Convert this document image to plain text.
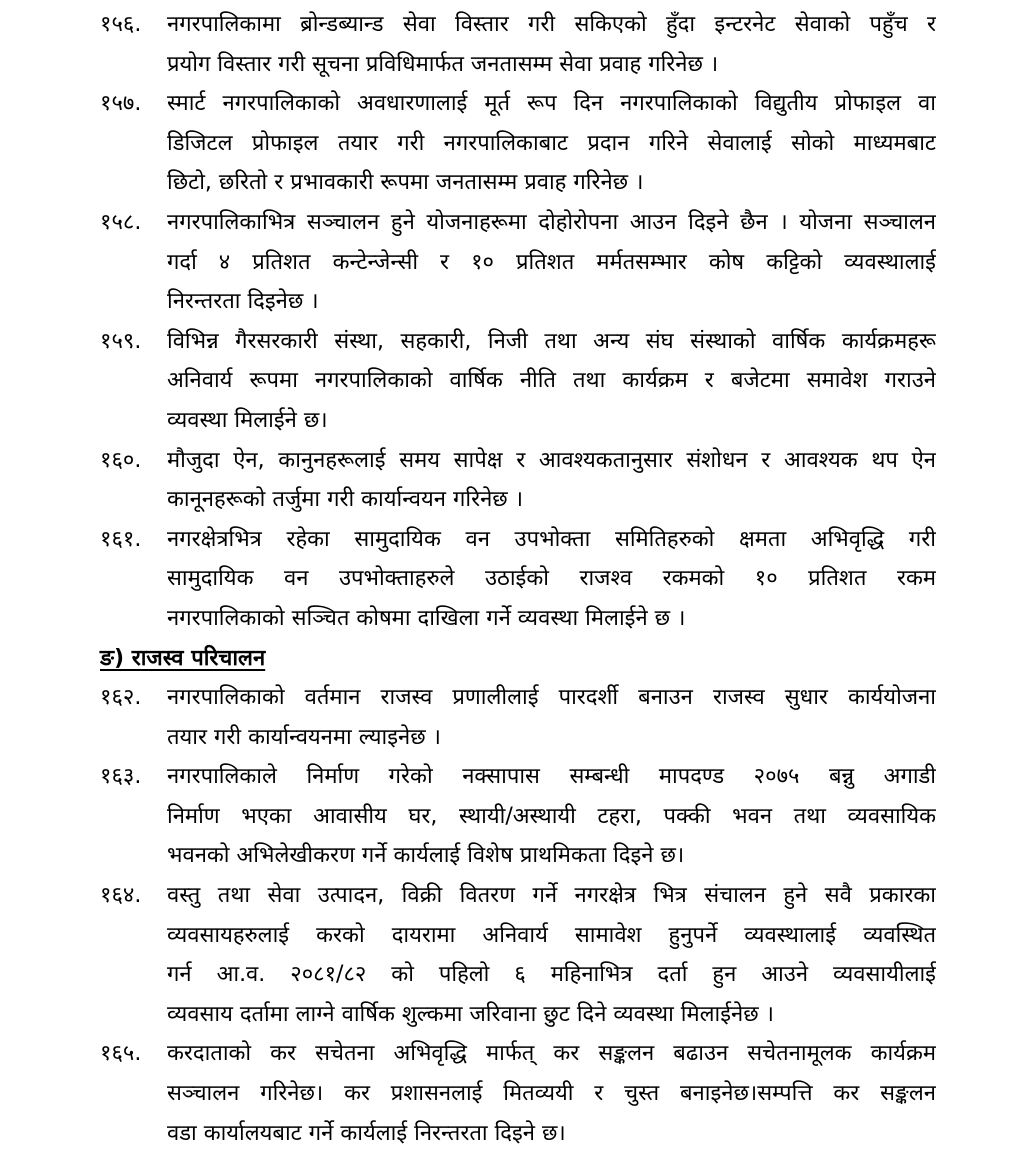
१५६. नगरपालिकामा ब्रोन्डब्यान्ड सेवा विस्तार गरी सकिएको हुँदा इन्टरनेट सेवाको पहुँच र
प्रयोग विस्तार गरी सूचना प्रविधिमार्फत जनतासम्म सेवा प्रवाह गरिनेछ ।
१५७. स्मार्ट नगरपालिकाको अवधारणालाई मूर्त रूप दिन नगरपालिकाको विद्युतीय प्रोफाइल वा
डिजिटल प्रोफाइल तयार गरी नगरपालिकाबाट प्रदान गरिने सेवालाई सोको माध्यमबाट
छिटो, छरितो र प्रभावकारी रूपमा जनतासम्म प्रवाह गरिनेछ ।
१५८. नगरपालिकाभित्र सञ्चालन हुने योजनाहरूमा दोहोरोपना आउन दिइने छैन । योजना सञ्चालन
गर्दा ४ प्रतिशत कन्टेन्जेन्सी र १० प्रतिशत मर्मतसम्भार कोष कट्टिको व्यवस्थालाई
निरन्तरता दिइनेछ ।
१५९. विभिन्न गैरसरकारी संस्था, सहकारी, निजी तथा अन्य संघ संस्थाको वार्षिक कार्यक्रमहरू
अनिवार्य रूपमा नगरपालिकाको वार्षिक नीति तथा कार्यक्रम र बजेटमा समावेश गराउने
व्यवस्था मिलाईने छ।
१६०. मौजुदा ऐन, कानुनहरूलाई समय सापेक्ष र आवश्यकतानुसार संशोधन र आवश्यक थप ऐन
कानूनहरूको तर्जुमा गरी कार्यान्वयन गरिनेछ ।
१६१. नगरक्षेत्रभित्र रहेका सामुदायिक वन उपभोक्ता समितिहरुको क्षमता अभिवृद्धि गरी
सामुदायिक वन उपभोक्ताहरुले उठाईको राजश्व रकमको १० प्रतिशत रकम
नगरपालिकाको सञ्चित कोषमा दाखिला गर्ने व्यवस्था मिलाईने छ ।
ङ) राजस्व परिचालन
१६२. नगरपालिकाको वर्तमान राजस्व प्रणालीलाई पारदर्शी बनाउन राजस्व सुधार कार्ययोजना
तयार गरी कार्यान्वयनमा ल्याइनेछ ।
१६३. नगरपालिकाले निर्माण गरेको नक्सापास सम्बन्धी मापदण्ड २०७५ बन्नु अगाडी
निर्माण भएका आवासीय घर, स्थायी/अस्थायी टहरा, पक्की भवन तथा व्यवसायिक
भवनको अभिलेखीकरण गर्ने कार्यलाई विशेष प्राथमिकता दिइने छ।
१६४. वस्तु तथा सेवा उत्पादन, विक्री वितरण गर्ने नगरक्षेत्र भित्र संचालन हुने सवै प्रकारका
व्यवसायहरुलाई करको दायरामा अनिवार्य सामावेश हुनुपर्ने व्यवस्थालाई व्यवस्थित
गर्न आ.व. २०८१/८२ को पहिलो ६ महिनाभित्र दर्ता हुन आउने व्यवसायीलाई
व्यवसाय दर्तामा लाग्ने वार्षिक शुल्कमा जरिवाना छुट दिने व्यवस्था मिलाईनेछ ।
१६५. करदाताको कर सचेतना अभिवृद्धि मार्फत् कर सङ्कलन बढाउन सचेतनामूलक कार्यक्रम
सञ्चालन गरिनेछ। कर प्रशासनलाई मितव्ययी र चुस्त बनाइनेछ।सम्पत्ति कर सङ्कलन
वडा कार्यालयबाट गर्ने कार्यलाई निरन्तरता दिइने छ।
